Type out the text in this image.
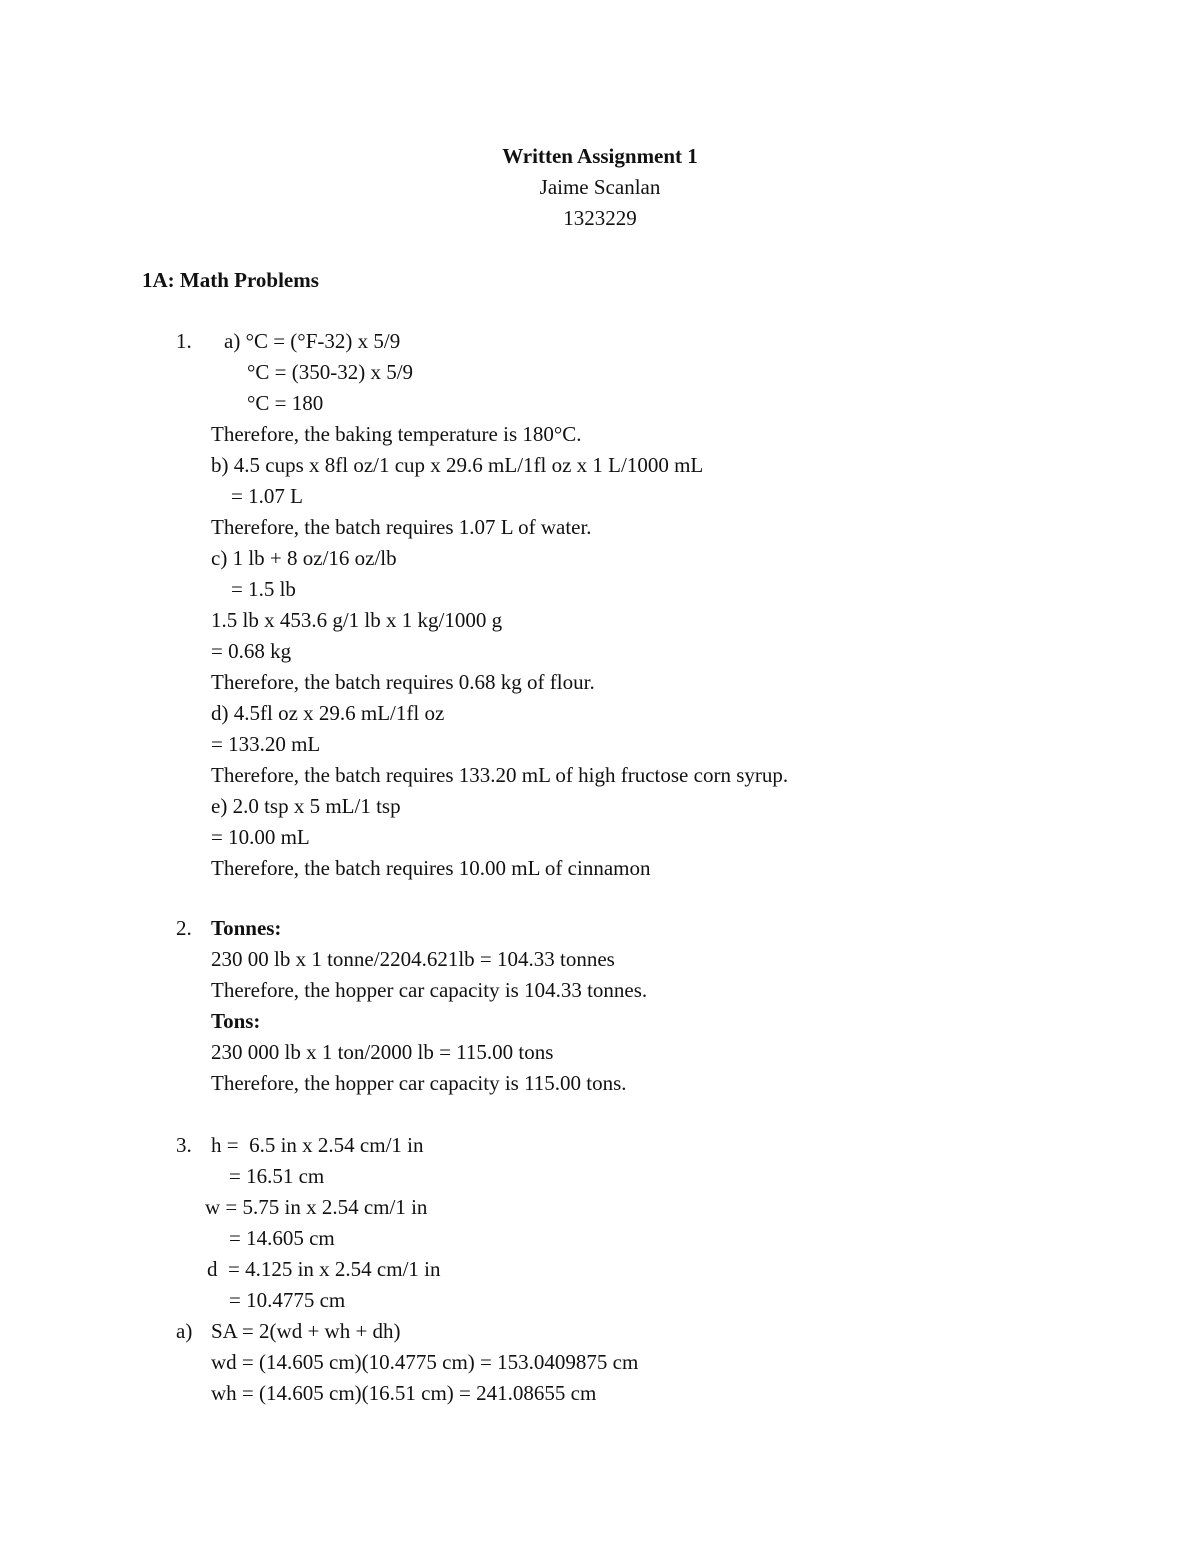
Written Assignment 1
Jaime Scanlan
1323229
1A: Math Problems
1. a) °C = (°F-32) x 5/9
°C = (350-32) x 5/9
°C = 180
Therefore, the baking temperature is 180°C.
b) 4.5 cups x 8fl oz/1 cup x 29.6 mL/1fl oz x 1 L/1000 mL
= 1.07 L
Therefore, the batch requires 1.07 L of water.
c) 1 lb + 8 oz/16 oz/lb
= 1.5 lb
1.5 lb x 453.6 g/1 lb x 1 kg/1000 g
= 0.68 kg
Therefore, the batch requires 0.68 kg of flour.
d) 4.5fl oz x 29.6 mL/1fl oz
= 133.20 mL
Therefore, the batch requires 133.20 mL of high fructose corn syrup.
e) 2.0 tsp x 5 mL/1 tsp
= 10.00 mL
Therefore, the batch requires 10.00 mL of cinnamon
2. Tonnes:
230 00 lb x 1 tonne/2204.621lb = 104.33 tonnes
Therefore, the hopper car capacity is 104.33 tonnes.
Tons:
230 000 lb x 1 ton/2000 lb = 115.00 tons
Therefore, the hopper car capacity is 115.00 tons.
3. h =  6.5 in x 2.54 cm/1 in
= 16.51 cm
w = 5.75 in x 2.54 cm/1 in
= 14.605 cm
d  = 4.125 in x 2.54 cm/1 in
= 10.4775 cm
a) SA = 2(wd + wh + dh)
wd = (14.605 cm)(10.4775 cm) = 153.0409875 cm
wh = (14.605 cm)(16.51 cm) = 241.08655 cm
